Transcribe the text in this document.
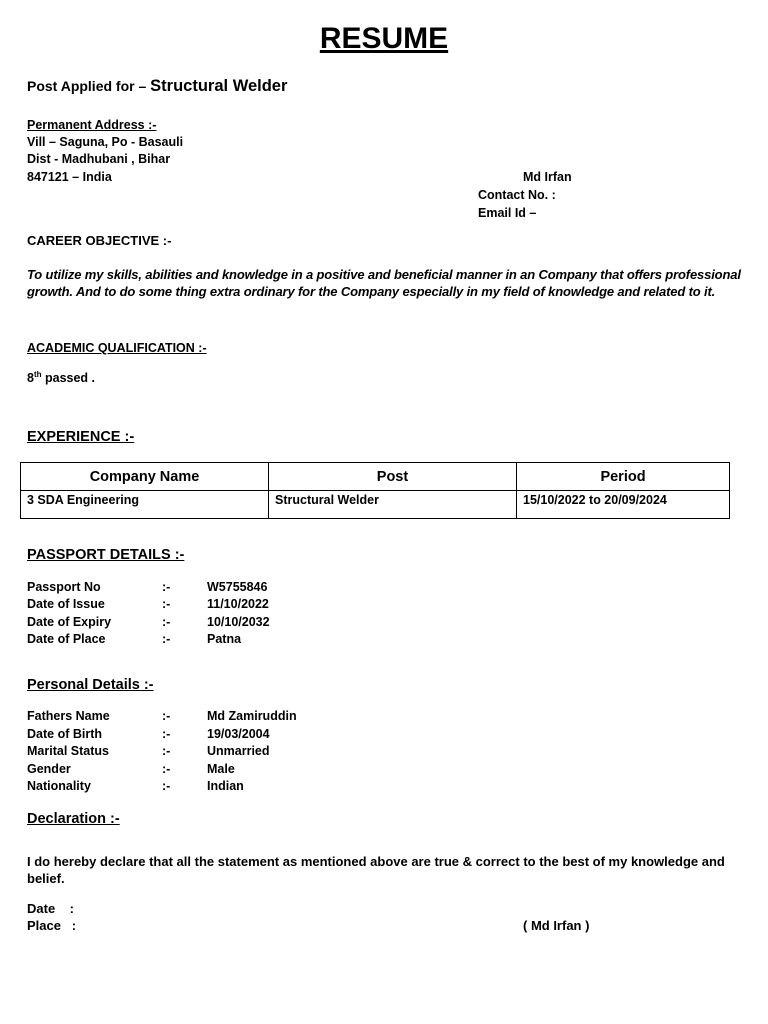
RESUME
Post Applied for – Structural Welder
Permanent Address :-
Vill – Saguna, Po - Basauli
Dist - Madhubani , Bihar
847121 – India	Md Irfan
Contact No. :
Email Id –
CAREER OBJECTIVE :-
To utilize my skills, abilities and knowledge in a positive and beneficial manner in an Company that offers professional growth. And to do some thing extra ordinary for the Company especially in my field of knowledge and related to it.
ACADEMIC QUALIFICATION :-
8th passed .
EXPERIENCE :-
Company Name	Post	Period
3 SDA Engineering	Structural Welder	15/10/2022 to 20/09/2024
PASSPORT DETAILS :-
Passport No	:-	W5755846
Date of Issue	:-	11/10/2022
Date of Expiry	:-	10/10/2032
Date of Place	:-	Patna
Personal Details :-
Fathers Name	:-	Md Zamiruddin
Date of Birth	:-	19/03/2004
Marital Status	:-	Unmarried
Gender	:-	Male
Nationality	:-	Indian
Declaration :-
I do hereby declare that all the statement as mentioned above are true & correct to the best of my knowledge and belief.
Date    :
Place   :	( Md Irfan )
